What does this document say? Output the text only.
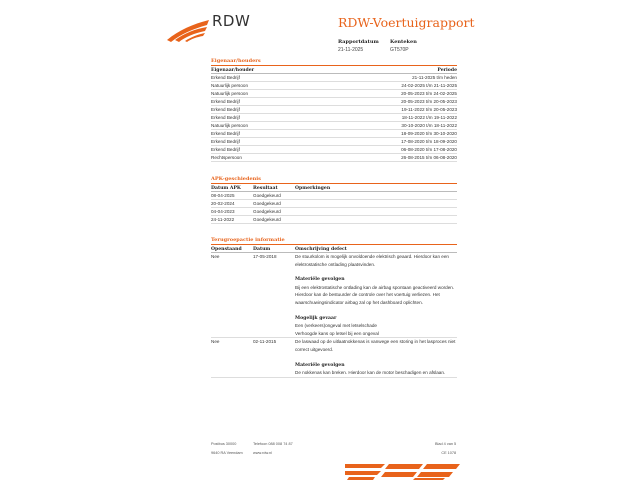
RDW	RDW-Voertuigrapport
Rapportdatum
21-11-2025
Kenteken
GT570P
Eigenaar/houders
Eigenaar/houder	Periode
Erkend Bedrijf	21-11-2025 t/m heden
Natuurlijk persoon	24-02-2025 t/m 21-11-2025
Natuurlijk persoon	20-05-2023 t/m 24-02-2025
Erkend Bedrijf	20-05-2023 t/m 20-05-2023
Erkend Bedrijf	19-11-2022 t/m 20-05-2023
Erkend Bedrijf	18-11-2022 t/m 19-11-2022
Natuurlijk persoon	30-10-2020 t/m 18-11-2022
Erkend Bedrijf	18-09-2020 t/m 30-10-2020
Erkend Bedrijf	17-08-2020 t/m 18-09-2020
Erkend Bedrijf	06-08-2020 t/m 17-08-2020
Rechtspersoon	26-08-2015 t/m 06-08-2020
APK-geschiedenis
Datum APK	Resultaat	Opmerkingen
08-04-2025	Goedgekeurd
20-02-2024	Goedgekeurd
04-04-2023	Goedgekeurd
24-11-2022	Goedgekeurd
Terugroepactie informatie
Openstaand	Datum	Omschrijving defect
Nee	17-05-2018	De stuurkolom is mogelijk onvoldoende elektrisch geaard. Hierdoor kan een elektrostatische ontlading plaatsvinden.
Materiële gevolgen
Bij een elektrostatische ontlading kan de airbag spontaan geactiveerd worden. Hierdoor kan de bestuurder de controle over het voertuig verliezen. Het waarschuwingsindicator airbag zal op het dashboard oplichten.
Mogelijk gevaar
Een (verkeers)ongeval met letselschade
Verhoogde kans op letsel bij een ongeval
Nee	02-11-2015	De laswaad op de uitlaatnokkenas is vanwege een storing in het lasproces niet correct uitgevoerd.
Materiële gevolgen
De nokkenas kan breken. Hierdoor kan de motor beschadigen en afslaan.
Postbus 30000
9640 RA Veendam
Telefoon 088 008 74 87
www.rdw.nl
Blad 4 van 5
CE 1078
